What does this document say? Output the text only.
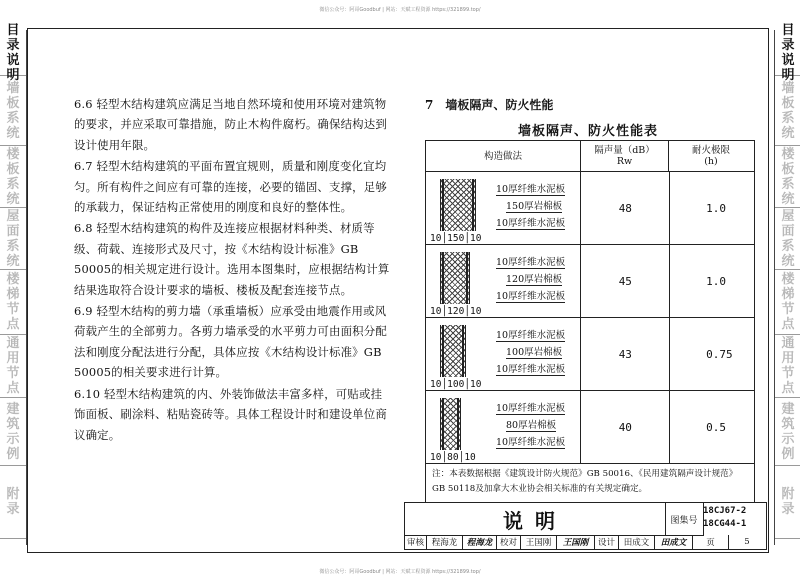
微信公众号：阿哥Goodbuf | 网站：天赋工程资源 https://321899.top/
微信公众号：阿哥Goodbuf | 网站：天赋工程资源 https://321899.top/
目
录
说
明
墙
板
系
统
楼
板
系
统
屋
面
系
统
楼
梯
节
点
通
用
节
点
建
筑
示
例
附
录
目
录
说
明
墙
板
系
统
楼
板
系
统
屋
面
系
统
楼
梯
节
点
通
用
节
点
建
筑
示
例
附
录

6.6 轻型木结构建筑应满足当地自然环境和使用环境对建筑物的要求，并应采取可靠措施，防止木构件腐朽。确保结构达到设计使用年限。

6.7 轻型木结构建筑的平面布置宜规则，质量和刚度变化宜均匀。所有构件之间应有可靠的连接，必要的锚固、支撑，足够的承载力，保证结构正常使用的刚度和良好的整体性。

6.8 轻型木结构建筑的构件及连接应根据材料种类、材质等级、荷载、连接形式及尺寸，按《木结构设计标准》GB 50005的相关规定进行设计。选用本图集时，应根据结构计算结果选取符合设计要求的墙板、楼板及配套连接节点。

6.9 轻型木结构的剪力墙（承重墙板）应承受由地震作用或风荷载产生的全部剪力。各剪力墙承受的水平剪力可由面积分配法和刚度分配法进行分配，具体应按《木结构设计标准》GB 50005的相关要求进行计算。

6.10 轻型木结构建筑的内、外装饰做法丰富多样，可贴或挂饰面板、刷涂料、粘贴瓷砖等。具体工程设计时和建设单位商议确定。

7　墙板隔声、防火性能
墙板隔声、防火性能表
构造做法	隔声量（dB）
Rw
耐火极限
(h)
10厚纤维水泥板
150厚岩棉板
10厚纤维水泥板
10│150│10
48	1.0
10厚纤维水泥板
120厚岩棉板
10厚纤维水泥板
10│120│10
45	1.0
10厚纤维水泥板
100厚岩棉板
10厚纤维水泥板
10│100│10
43	0.75
10厚纤维水泥板
80厚岩棉板
10厚纤维水泥板
10│80│10
40	0.5
注：本表数据根据《建筑设计防火规范》GB 50016、《民用建筑隔声设计规范》GB 50118及加拿大木业协会相关标准的有关规定确定。
说明	图集号
18CJ67-2
18CG44-1
审核 程海龙	程海龙 校对	王国刚	王国刚	设计	田成文	田成文	页	5
